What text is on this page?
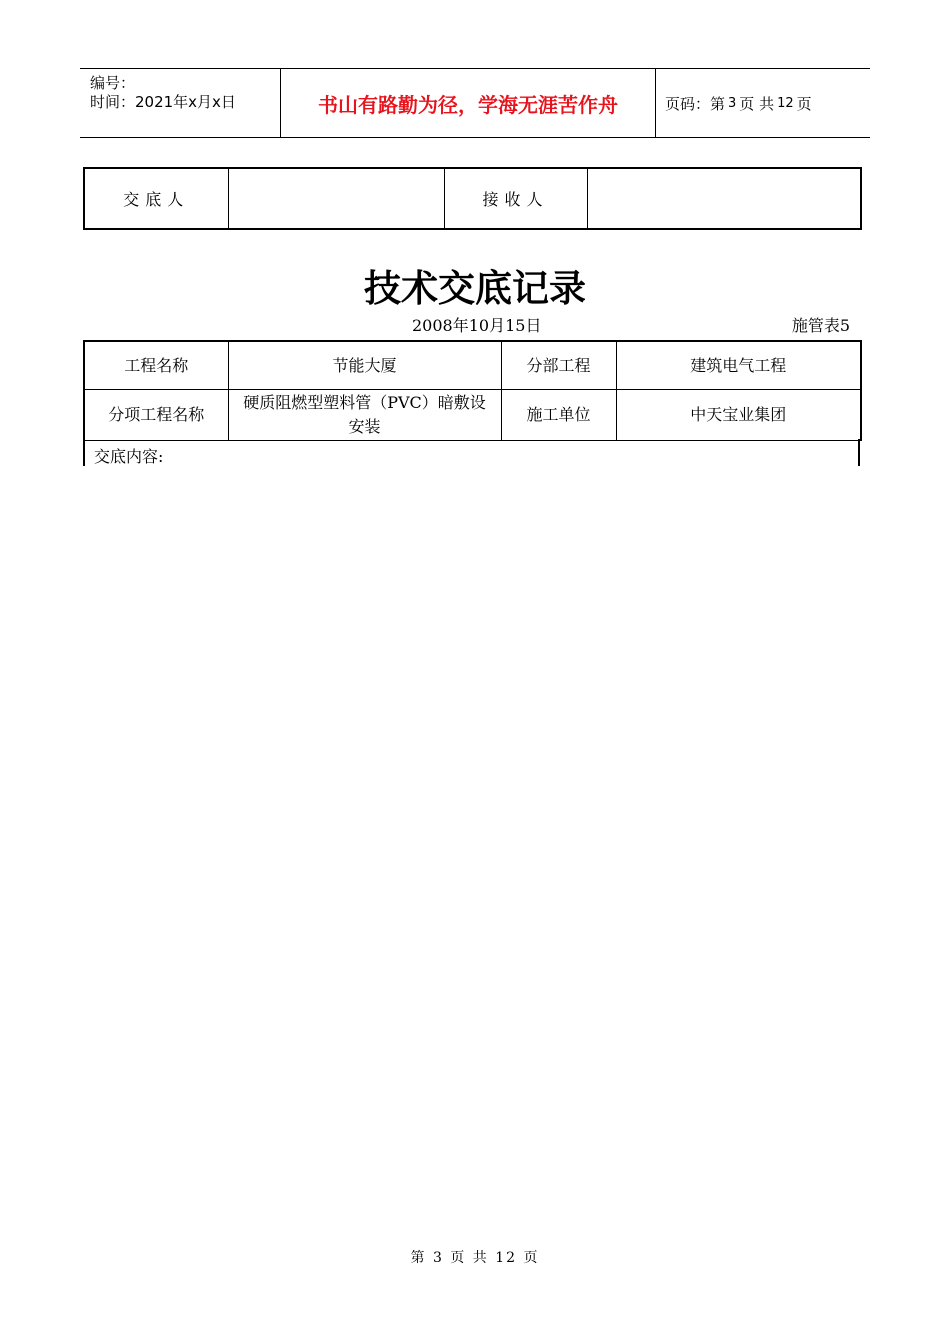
编号：
时间：2021年x月x日	书山有路勤为径，学海无涯苦作舟	页码：第 3 页 共 12 页
交底人		接收人	
技术交底记录
2008年10月15日	施管表5
工程名称	节能大厦	分部工程	建筑电气工程
分项工程名称	硬质阻燃型塑料管（PVC）暗敷设安装	施工单位	中天宝业集团
交底内容:
第 3 页 共 12 页
